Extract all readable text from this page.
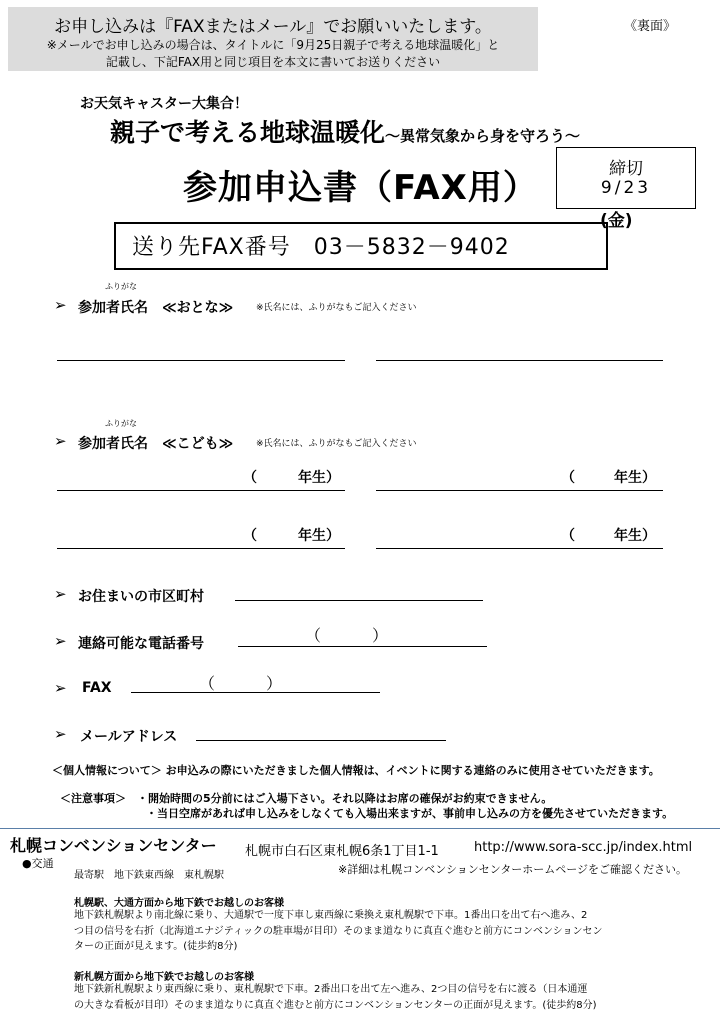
お申し込みは『FAXまたはメール』でお願いいたします。
※メールでお申し込みの場合は、タイトルに「9月25日親子で考える地球温暖化」と
記載し、下記FAX用と同じ項目を本文に書いてお送りください
《裏面》
お天気キャスター大集合！
親子で考える地球温暖化～異常気象から身を守ろう～
参加申込書（FAX用）	締切
9/23
(金)
送り先FAX番号　03－5832－9402
ふりがな
➢ 参加者氏名　≪おとな≫	※氏名には、ふりがなもご記入ください
ふりがな
➢ 参加者氏名　≪こども≫	※氏名には、ふりがなもご記入ください
（	年生）	（	年生）
（	年生）	（	年生）
➢ お住まいの市区町村
➢ 連絡可能な電話番号	（	）
➢ FAX	（	）
➢ メールアドレス
＜個人情報について＞ お申込みの際にいただきました個人情報は、イベントに関する連絡のみに使用させていただきます。
＜注意事項＞　・開始時間の5分前にはご入場下さい。それ以降はお席の確保がお約束できません。
・当日空席があれば申し込みをしなくても入場出来ますが、事前申し込みの方を優先させていただきます。
札幌コンベンションセンター 札幌市白石区東札幌6条1丁目1-1	http://www.sora-scc.jp/index.html
●交通
最寄駅　地下鉄東西線　東札幌駅	※詳細は札幌コンベンションセンターホームページをご確認ください。
札幌駅、大通方面から地下鉄でお越しのお客様
地下鉄札幌駅より南北線に乗り、大通駅で一度下車し東西線に乗換え東札幌駅で下車。1番出口を出て右へ進み、2
つ目の信号を右折（北海道エナジティックの駐車場が目印）そのまま道なりに真直ぐ進むと前方にコンベンションセン
ターの正面が見えます。(徒歩約8分)
新札幌方面から地下鉄でお越しのお客様
地下鉄新札幌駅より東西線に乗り、東札幌駅で下車。2番出口を出て左へ進み、2つ目の信号を右に渡る（日本通運
の大きな看板が目印）そのまま道なりに真直ぐ進むと前方にコンベンションセンターの正面が見えます。(徒歩約8分)
